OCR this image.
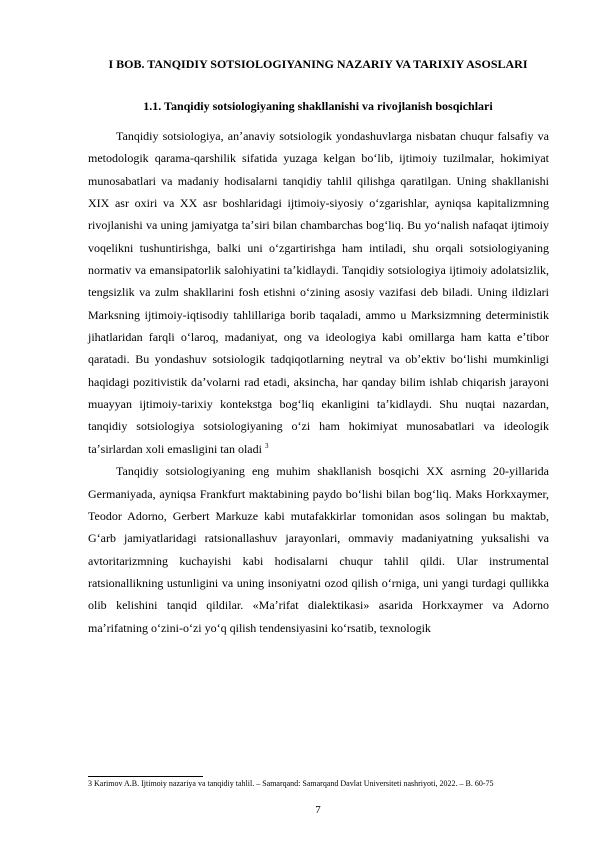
I BOB. TANQIDIY SOTSIOLOGIYANING NAZARIY VA TARIXIY ASOSLARI
1.1. Tanqidiy sotsiologiyaning shakllanishi va rivojlanish bosqichlari

Tanqidiy sotsiologiya, anʼanaviy sotsiologik yondashuvlarga nisbatan chuqur falsafiy va metodologik qarama-qarshilik sifatida yuzaga kelgan boʻlib, ijtimoiy tuzilmalar, hokimiyat munosabatlari va madaniy hodisalarni tanqidiy tahlil qilishga qaratilgan. Uning shakllanishi XIX asr oxiri va XX asr boshlaridagi ijtimoiy-siyosiy oʻzgarishlar, ayniqsa kapitalizmning rivojlanishi va uning jamiyatga taʼsiri bilan chambarchas bogʻliq. Bu yoʻnalish nafaqat ijtimoiy voqelikni tushuntirishga, balki uni oʻzgartirishga ham intiladi, shu orqali sotsiologiyaning normativ va emansipatorlik salohiyatini taʼkidlaydi. Tanqidiy sotsiologiya ijtimoiy adolatsizlik, tengsizlik va zulm shakllarini fosh etishni oʻzining asosiy vazifasi deb biladi. Uning ildizlari Marksning ijtimoiy-iqtisodiy tahlillariga borib taqaladi, ammo u Marksizmning deterministik jihatlaridan farqli oʻlaroq, madaniyat, ong va ideologiya kabi omillarga ham katta eʼtibor qaratadi. Bu yondashuv sotsiologik tadqiqotlarning neytral va obʼektiv boʻlishi mumkinligi haqidagi pozitivistik daʼvolarni rad etadi, aksincha, har qanday bilim ishlab chiqarish jarayoni muayyan ijtimoiy-tarixiy kontekstga bogʻliq ekanligini taʼkidlaydi. Shu nuqtai nazardan, tanqidiy sotsiologiya sotsiologiyaning oʻzi ham hokimiyat munosabatlari va ideologik taʼsirlardan xoli emasligini tan oladi $^3$

Tanqidiy sotsiologiyaning eng muhim shakllanish bosqichi XX asrning 20-yillarida Germaniyada, ayniqsa Frankfurt maktabining paydo boʻlishi bilan bogʻliq. Maks Horkxaymer, Teodor Adorno, Gerbert Markuze kabi mutafakkirlar tomonidan asos solingan bu maktab, Gʻarb jamiyatlaridagi ratsionallashuv jarayonlari, ommaviy madaniyatning yuksalishi va avtoritarizmning kuchayishi kabi hodisalarni chuqur tahlil qildi. Ular instrumental ratsionallikning ustunligini va uning insoniyatni ozod qilish oʻrniga, uni yangi turdagi qullikka olib kelishini tanqid qildilar. «Maʼrifat dialektikasi» asarida Horkxaymer va Adorno maʼrifatning oʻzini-oʻzi yoʻq qilish tendensiyasini koʻrsatib, texnologik

3 Karimov A.B. Ijtimoiy nazariya va tanqidiy tahlil. – Samarqand: Samarqand Davlat Universiteti nashriyoti, 2022. – B. 60-75

7
